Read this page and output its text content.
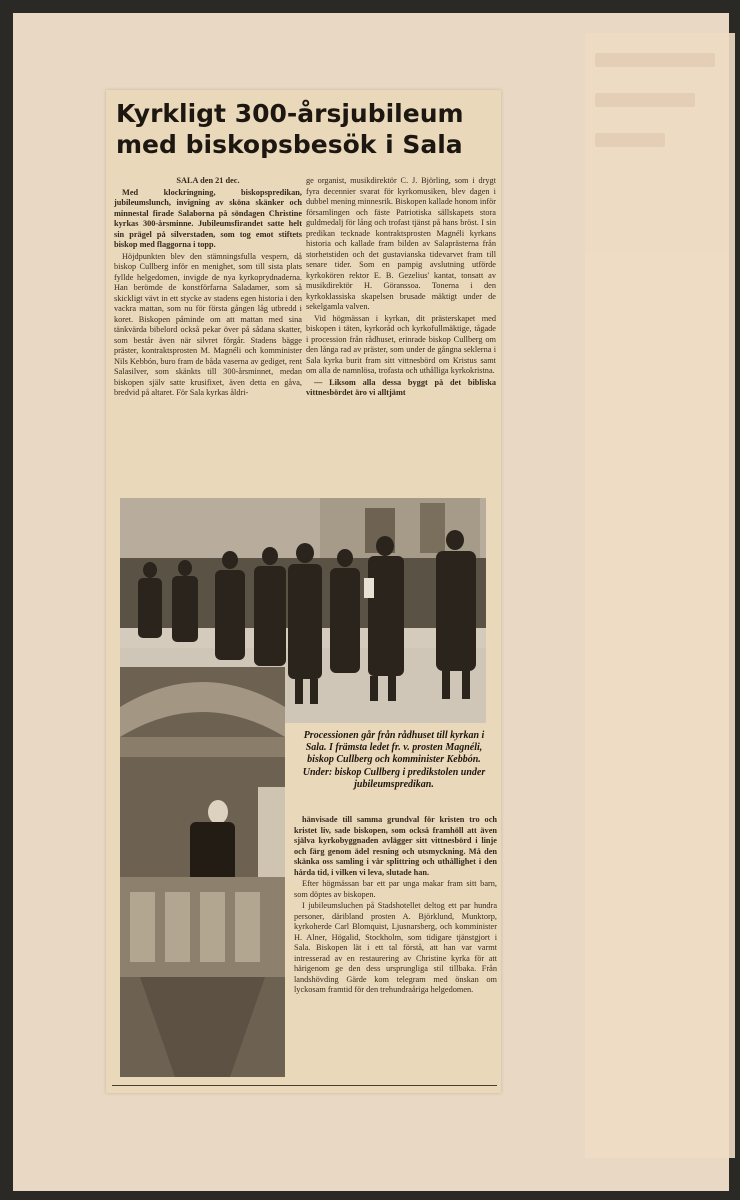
Kyrkligt 300-årsjubileum
med biskopsbesök i Sala

SALA den 21 dec.

Med klockringning, biskopspredikan, jubileumslunch, invigning av sköna skänker och minnestal firade Salaborna på söndagen Christine kyrkas 300-årsminne. Jubileumsfirandet satte helt sin prägel på silverstaden, som tog emot stiftets biskop med flaggorna i topp.

Höjdpunkten blev den stämningsfulla vespern, då biskop Cullberg inför en menighet, som till sista plats fyllde helgedomen, invigde de nya kyrkoprydnaderna. Han berömde de konstförfarna Saladamer, som så skickligt vävt in ett stycke av stadens egen historia i den vackra mattan, som nu för första gången låg utbredd i koret. Biskopen påminde om att mattan med sina tänkvärda bibelord också pekar över på sådana skatter, som består även när silvret förgår. Stadens bägge präster, kontraktsprosten M. Magnéli och komminister Nils Kebbón, buro fram de båda vaserna av gediget, rent Salasilver, som skänkts till 300-årsminnet, medan biskopen själv satte krusifixet, även detta en gåva, bredvid på altaret. För Sala kyrkas åldri-

ge organist, musikdirektör C. J. Björling, som i drygt fyra decennier svarat för kyrkomusiken, blev dagen i dubbel mening minnesrik. Biskopen kallade honom inför församlingen och fäste Patriotiska sällskapets stora guldmedalj för lång och trofast tjänst på hans bröst. I sin predikan tecknade kontraktsprosten Magnéli kyrkans historia och kallade fram bilden av Salaprästerna från storhetstiden och det gustavianska tidevarvet fram till senare tider. Som en pampig avslutning utförde kyrkokören rektor E. B. Gezelius' kantat, tonsatt av musikdirektör H. Göranssoa. Tonerna i den kyrkoklassiska skapelsen brusade mäktigt under de sekelgamla valven.

Vid högmässan i kyrkan, dit prästerskapet med biskopen i täten, kyrkoråd och kyrkofullmäktige, tågade i procession från rådhuset, erinrade biskop Cullberg om den långa rad av präster, som under de gångna seklerna i Sala kyrka burit fram sitt vittnesbörd om Kristus samt om alla de namnlösa, trofasta och uthålliga kyrkokristna.

— Liksom alla dessa byggt på det bibliska vittnesbördet äro vi alltjämt

Processionen går från rådhuset till kyrkan i Sala. I främsta ledet fr. v. prosten Magnéli, biskop Cullberg och komminister Kebbón. Under: biskop Cullberg i predikstolen under jubileumspredikan.

hänvisade till samma grundval för kristen tro och kristet liv, sade biskopen, som också framhöll att även själva kyrkobyggnaden avlägger sitt vittnesbörd i linje och färg genom ädel resning och utsmyckning. Må den skänka oss samling i vår splittring och uthållighet i den hårda tid, i vilken vi leva, slutade han.

Efter högmässan bar ett par unga makar fram sitt barn, som döptes av biskopen.

I jubileumsluchen på Stadshotellet deltog ett par hundra personer, däribland prosten A. Björklund, Munktorp, kyrkoherde Carl Blomquist, Ljusnarsberg, och komminister H. Alner, Högalid, Stockholm, som tidigare tjänstgjort i Sala. Biskopen lät i ett tal förstå, att han var varmt intresserad av en restaurering av Christine kyrka för att härigenom ge den dess ursprungliga stil tillbaka. Från landshövding Gärde kom telegram med önskan om lyckosam framtid för den trehundraåriga helgedomen.
